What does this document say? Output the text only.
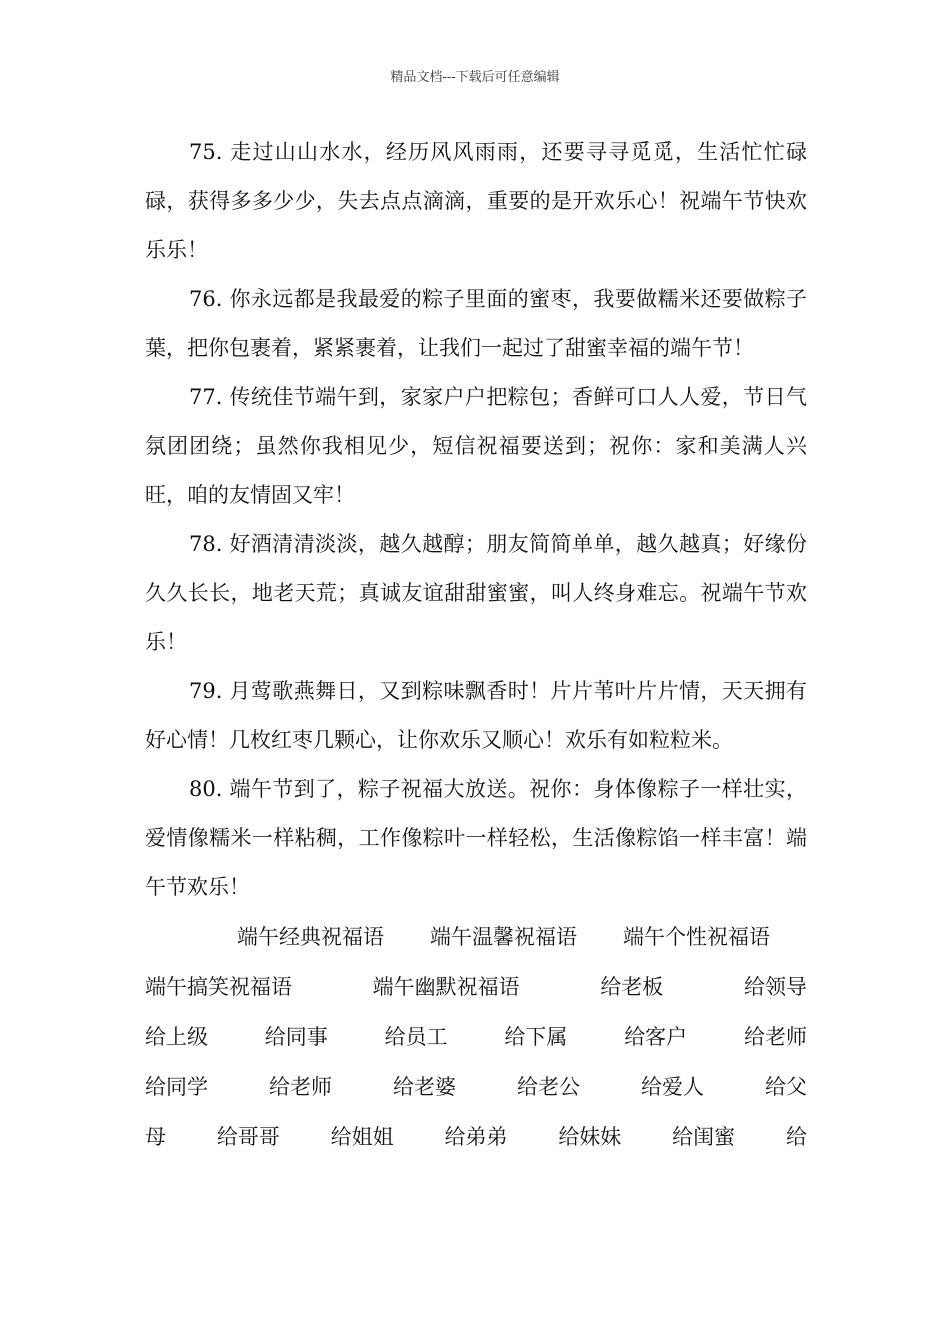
精品文档---下载后可任意编辑

75. 走过山山水水，经历风风雨雨，还要寻寻觅觅，生活忙忙碌碌，获得多多少少，失去点点滴滴，重要的是开欢乐心！祝端午节快欢乐乐！

76. 你永远都是我最爱的粽子里面的蜜枣，我要做糯米还要做粽子葉，把你包裹着，紧紧裹着，让我们一起过了甜蜜幸福的端午节！

77. 传统佳节端午到，家家户户把粽包；香鲜可口人人爱，节日气氛团团绕；虽然你我相见少，短信祝福要送到；祝你：家和美满人兴旺，咱的友情固又牢！

78. 好酒清清淡淡，越久越醇；朋友简简单单，越久越真；好缘份久久长长，地老天荒；真诚友谊甜甜蜜蜜，叫人终身难忘。祝端午节欢乐！

79. 月莺歌燕舞日，又到粽味飘香时！片片苇叶片片情，天天拥有好心情！几枚红枣几颗心，让你欢乐又顺心！欢乐有如粒粒米。

80. 端午节到了，粽子祝福大放送。祝你：身体像粽子一样壮实，爱情像糯米一样粘稠，工作像粽叶一样轻松，生活像粽馅一样丰富！端午节欢乐！

端午经典祝福语 端午温馨祝福语 端午个性祝福语
端午搞笑祝福语	端午幽默祝福语	给老板	给领导
给上级	给同事	给员工	给下属	给客户	给老师
给同学	给老师	给老婆	给老公	给爱人	给父
母 给哥哥 给姐姐 给弟弟 给妹妹 给闺蜜 给
